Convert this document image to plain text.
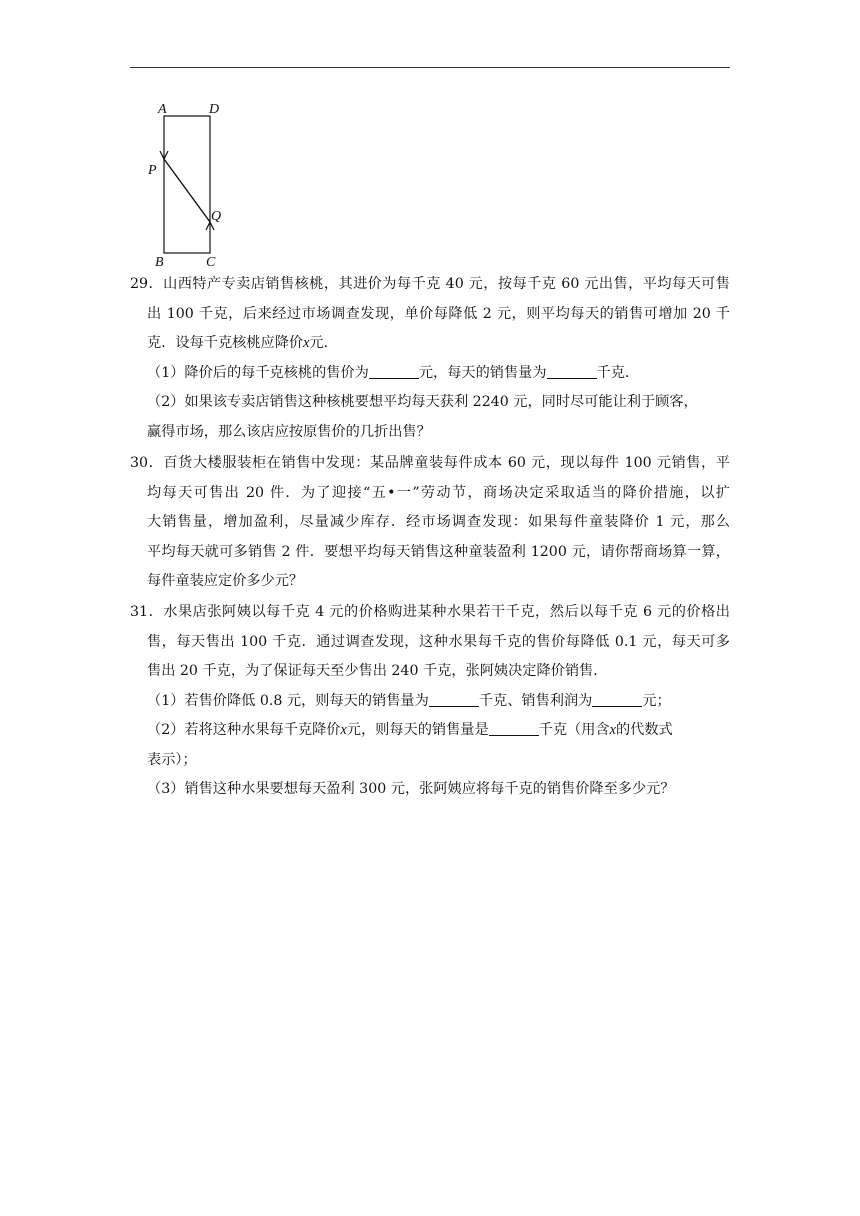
A	D
P
Q
B	C
29．山西特产专卖店销售核桃，其进价为每千克 40 元，按每千克 60 元出售，平均每天可售
出 100 千克，后来经过市场调查发现，单价每降低 2 元，则平均每天的销售可增加 20 千
克．设每千克核桃应降价x元．
（1）降价后的每千克核桃的售价为	元，每天的销售量为	千克．
（2）如果该专卖店销售这种核桃要想平均每天获利 2240 元，同时尽可能让利于顾客，
赢得市场，那么该店应按原售价的几折出售？
30．百货大楼服装柜在销售中发现：某品牌童装每件成本 60 元，现以每件 100 元销售，平
均每天可售出 20 件．为了迎接“五•一”劳动节，商场决定采取适当的降价措施，以扩
大销售量，增加盈利，尽量减少库存．经市场调查发现：如果每件童装降价 1 元，那么
平均每天就可多销售 2 件．要想平均每天销售这种童装盈利 1200 元，请你帮商场算一算，
每件童装应定价多少元？
31．水果店张阿姨以每千克 4 元的价格购进某种水果若干千克，然后以每千克 6 元的价格出
售，每天售出 100 千克．通过调查发现，这种水果每千克的售价每降低 0.1 元，每天可多
售出 20 千克，为了保证每天至少售出 240 千克，张阿姨决定降价销售．
（1）若售价降低 0.8 元，则每天的销售量为	千克、销售利润为	元；
（2）若将这种水果每千克降价x元，则每天的销售量是	千克（用含x的代数式
表示）；
（3）销售这种水果要想每天盈利 300 元，张阿姨应将每千克的销售价降至多少元？
